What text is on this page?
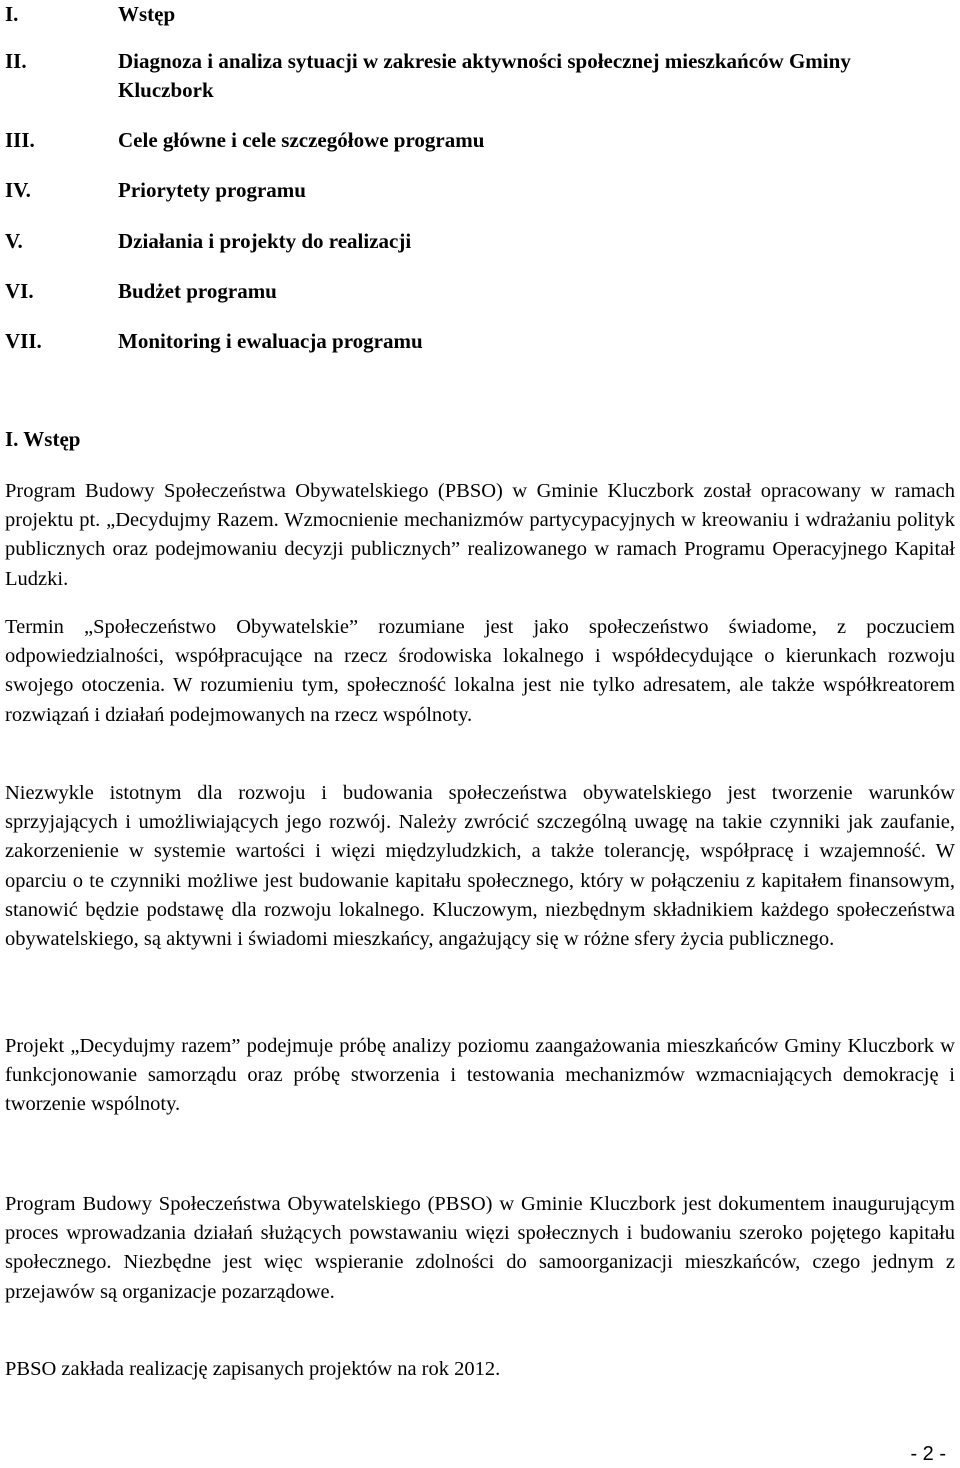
I.	Wstęp
II.	Diagnoza i analiza sytuacji w zakresie aktywności społecznej mieszkańców Gminy Kluczbork
III.	Cele główne i cele szczegółowe programu
IV.	Priorytety programu
V.	Działania i projekty do realizacji
VI.	Budżet programu
VII.	Monitoring i ewaluacja programu
I. Wstęp

Program Budowy Społeczeństwa Obywatelskiego (PBSO) w Gminie Kluczbork został opracowany w ramach projektu pt. „Decydujmy Razem. Wzmocnienie mechanizmów partycypacyjnych w kreowaniu i wdrażaniu polityk publicznych oraz podejmowaniu decyzji publicznych” realizowanego w ramach Programu Operacyjnego Kapitał Ludzki.

Termin „Społeczeństwo Obywatelskie” rozumiane jest jako społeczeństwo świadome, z poczuciem odpowiedzialności, współpracujące na rzecz środowiska lokalnego i współdecydujące o kierunkach rozwoju swojego otoczenia. W rozumieniu tym, społeczność lokalna jest nie tylko adresatem, ale także współkreatorem rozwiązań i działań podejmowanych na rzecz wspólnoty.

Niezwykle istotnym dla rozwoju i budowania społeczeństwa obywatelskiego jest tworzenie warunków sprzyjających i umożliwiających jego rozwój. Należy zwrócić szczególną uwagę na takie czynniki jak zaufanie, zakorzenienie w systemie wartości i więzi międzyludzkich, a także tolerancję, współpracę i wzajemność. W oparciu o te czynniki możliwe jest budowanie kapitału społecznego, który w połączeniu z kapitałem finansowym, stanowić będzie podstawę dla rozwoju lokalnego. Kluczowym, niezbędnym składnikiem każdego społeczeństwa obywatelskiego, są aktywni i świadomi mieszkańcy, angażujący się w różne sfery życia publicznego.

Projekt „Decydujmy razem” podejmuje próbę analizy poziomu zaangażowania mieszkańców Gminy Kluczbork w funkcjonowanie samorządu oraz próbę stworzenia i testowania mechanizmów wzmacniających demokrację i tworzenie wspólnoty.

Program Budowy Społeczeństwa Obywatelskiego (PBSO) w Gminie Kluczbork jest dokumentem inaugurującym proces wprowadzania działań służących powstawaniu więzi społecznych i budowaniu szeroko pojętego kapitału społecznego. Niezbędne jest więc wspieranie zdolności do samoorganizacji mieszkańców, czego jednym z przejawów są organizacje pozarządowe.

PBSO zakłada realizację zapisanych projektów na rok 2012.

- 2 -
